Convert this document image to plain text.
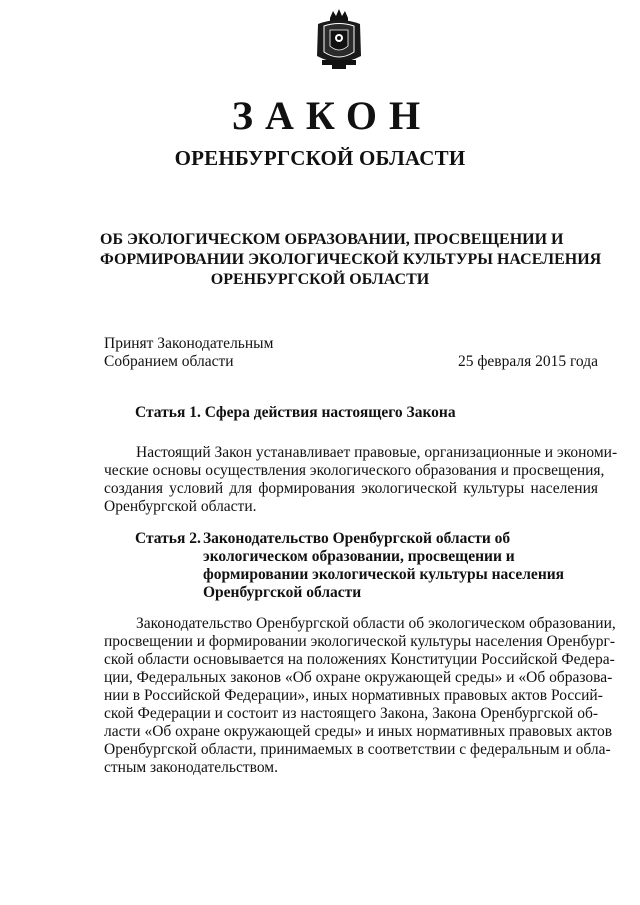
ЗАКОН
ОРЕНБУРГСКОЙ ОБЛАСТИ
ОБ ЭКОЛОГИЧЕСКОМ ОБРАЗОВАНИИ, ПРОСВЕЩЕНИИ И
ФОРМИРОВАНИИ ЭКОЛОГИЧЕСКОЙ КУЛЬТУРЫ НАСЕЛЕНИЯ
ОРЕНБУРГСКОЙ ОБЛАСТИ
Принят Законодательным
Собранием области	25 февраля 2015 года
Статья 1. Сфера действия настоящего Закона
Настоящий Закон устанавливает правовые, организационные и экономи-
ческие основы осуществления экологического образования и просвещения,
создания условий для формирования экологической культуры населения
Оренбургской области.
Статья 2. Законодательство Оренбургской области об
экологическом образовании, просвещении и
формировании экологической культуры населения
Оренбургской области
Законодательство Оренбургской области об экологическом образовании,
просвещении и формировании экологической культуры населения Оренбург-
ской области основывается на положениях Конституции Российской Федера-
ции, Федеральных законов «Об охране окружающей среды» и «Об образова-
нии в Российской Федерации», иных нормативных правовых актов Россий-
ской Федерации и состоит из настоящего Закона, Закона Оренбургской об-
ласти «Об охране окружающей среды» и иных нормативных правовых актов
Оренбургской области, принимаемых в соответствии с федеральным и обла-
стным законодательством.
